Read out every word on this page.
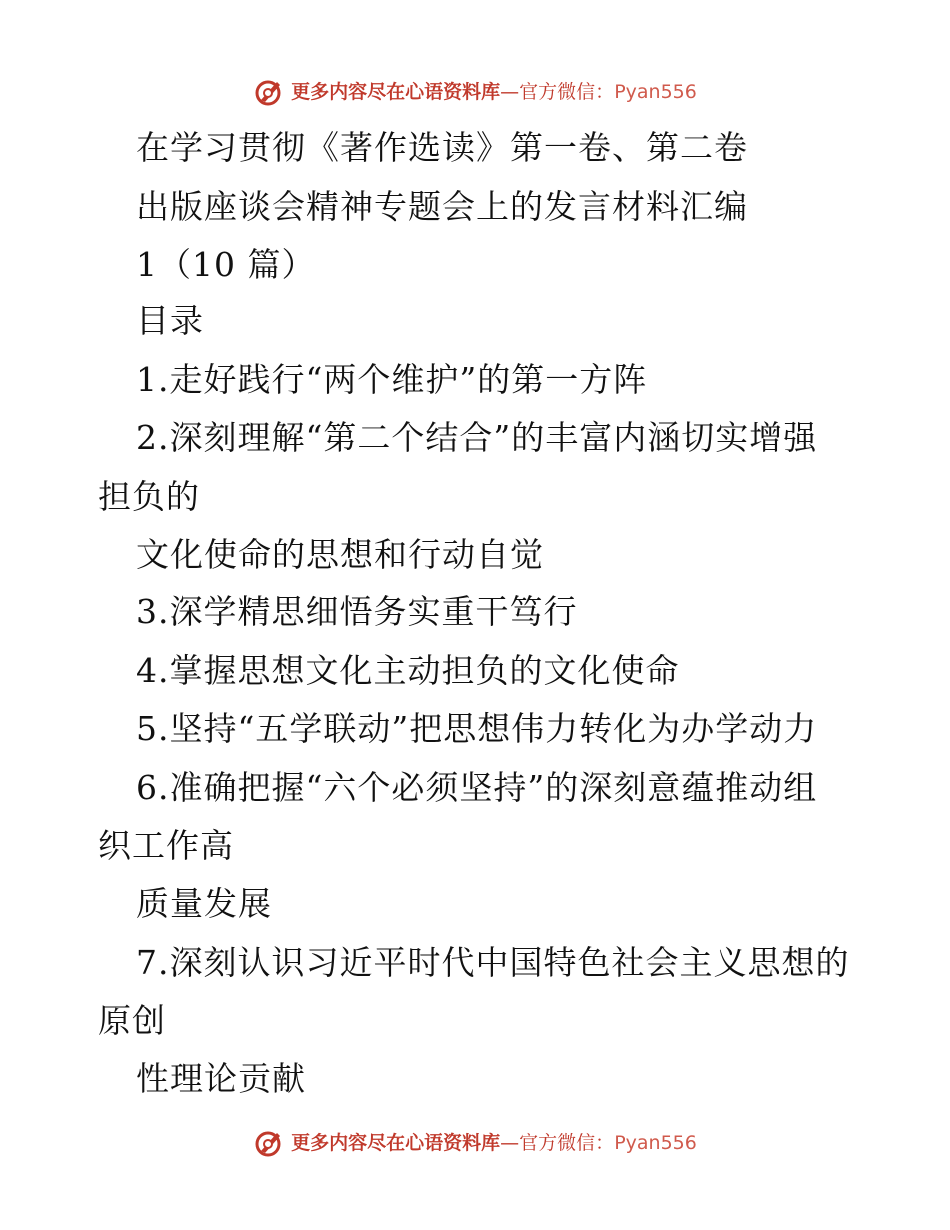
更多内容尽在心语资料库 — 官方微信： Pyan556
在学习贯彻《著作选读》第一卷、第二卷
出版座谈会精神专题会上的发言材料汇编
1（10 篇）
目录
1.走好践行“两个维护”的第一方阵
2.深刻理解“第二个结合”的丰富内涵切实增强
担负的
文化使命的思想和行动自觉
3.深学精思细悟务实重干笃行
4.掌握思想文化主动担负的文化使命
5.坚持“五学联动”把思想伟力转化为办学动力
6.准确把握“六个必须坚持”的深刻意蕴推动组
织工作高
质量发展
7.深刻认识习近平时代中国特色社会主义思想的
原创
性理论贡献
更多内容尽在心语资料库 — 官方微信： Pyan556
